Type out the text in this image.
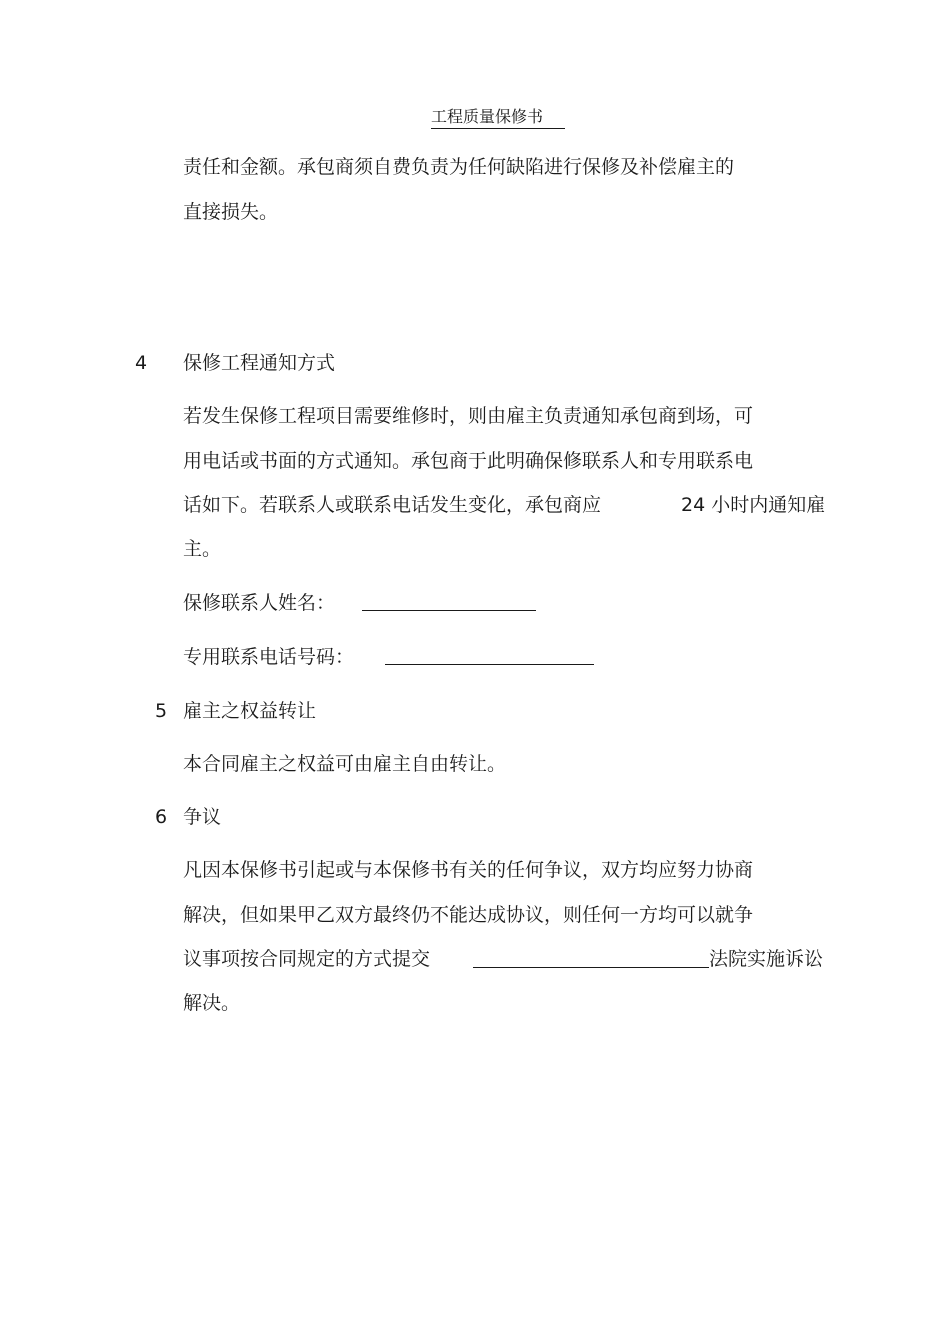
工程质量保修书
责任和金额。承包商须自费负责为任何缺陷进行保修及补偿雇主的
直接损失。
4 保修工程通知方式
若发生保修工程项目需要维修时，则由雇主负责通知承包商到场，可
用电话或书面的方式通知。承包商于此明确保修联系人和专用联系电
话如下。若联系人或联系电话发生变化，承包商应	24 小时内通知雇
主。
保修联系人姓名：
专用联系电话号码：
5 雇主之权益转让
本合同雇主之权益可由雇主自由转让。
6 争议
凡因本保修书引起或与本保修书有关的任何争议，双方均应努力协商
解决，但如果甲乙双方最终仍不能达成协议，则任何一方均可以就争
议事项按合同规定的方式提交	法院实施诉讼
解决。
